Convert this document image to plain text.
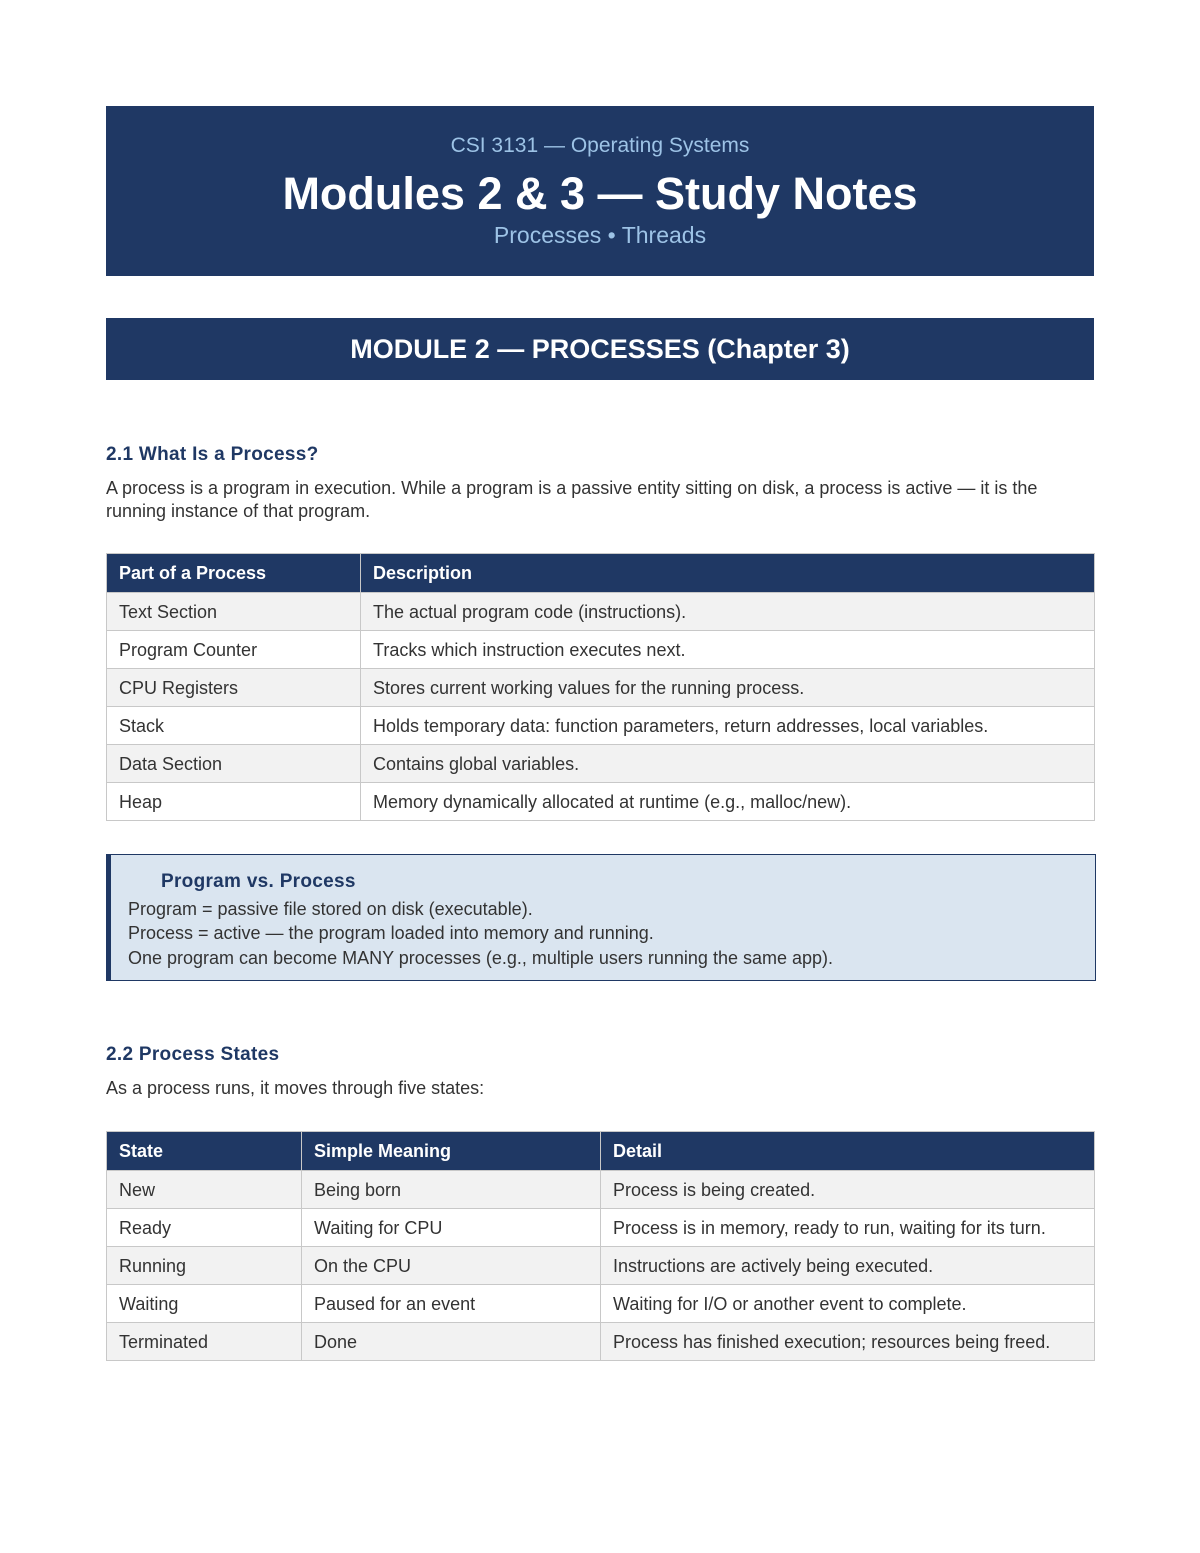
CSI 3131 — Operating Systems
Modules 2 & 3 — Study Notes
Processes • Threads
MODULE 2 — PROCESSES (Chapter 3)
2.1 What Is a Process?
A process is a program in execution. While a program is a passive entity sitting on disk, a process is active — it is the running instance of that program.
Part of a Process	Description
Text Section	The actual program code (instructions).
Program Counter	Tracks which instruction executes next.
CPU Registers	Stores current working values for the running process.
Stack	Holds temporary data: function parameters, return addresses, local variables.
Data Section	Contains global variables.
Heap	Memory dynamically allocated at runtime (e.g., malloc/new).
Program vs. Process
Program = passive file stored on disk (executable).
Process = active — the program loaded into memory and running.
One program can become MANY processes (e.g., multiple users running the same app).
2.2 Process States
As a process runs, it moves through five states:
State	Simple Meaning	Detail
New	Being born	Process is being created.
Ready	Waiting for CPU	Process is in memory, ready to run, waiting for its turn.
Running	On the CPU	Instructions are actively being executed.
Waiting	Paused for an event	Waiting for I/O or another event to complete.
Terminated	Done	Process has finished execution; resources being freed.
